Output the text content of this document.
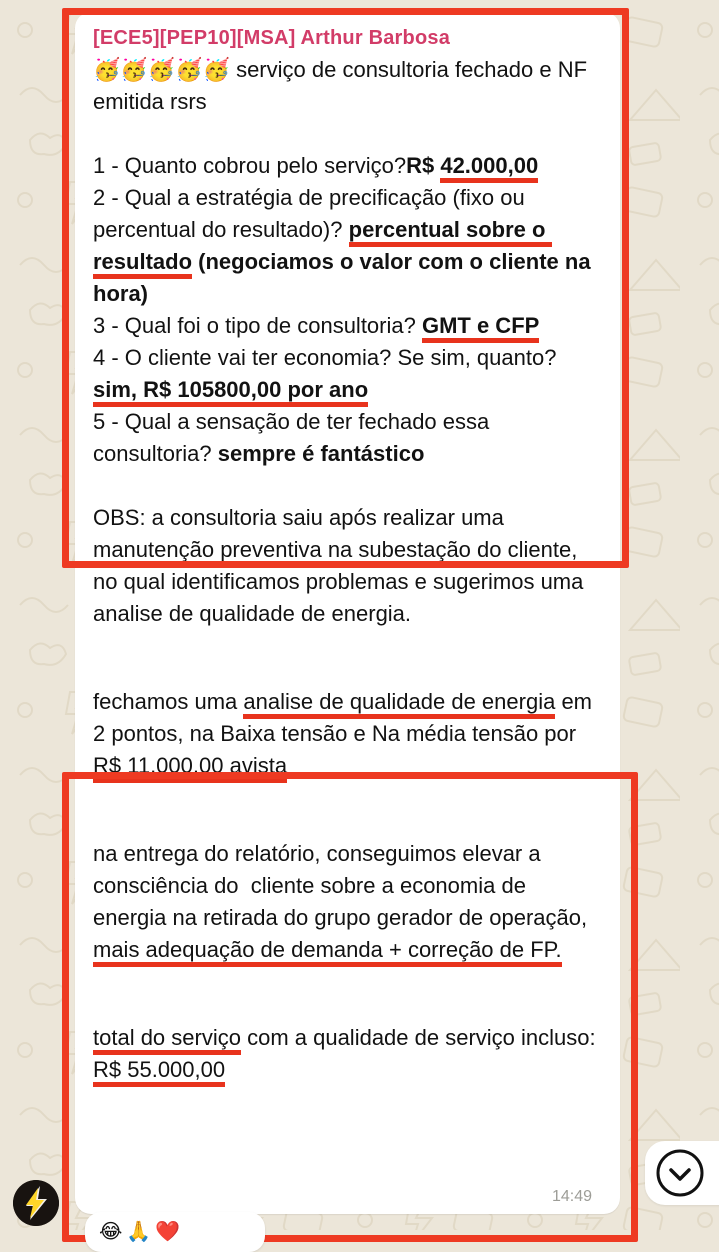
[ECE5][PEP10][MSA] Arthur Barbosa

🥳🥳🥳🥳🥳 serviço de consultoria fechado e NF emitida rsrs

1 - Quanto cobrou pelo serviço?R$ 42.000,00

2 - Qual a estratégia de precificação (fixo ou percentual do resultado)? percentual sobre o resultado (negociamos o valor com o cliente na hora)

3 - Qual foi o tipo de consultoria? GMT e CFP

4 - O cliente vai ter economia? Se sim, quanto? sim, R$ 105800,00 por ano

5 - Qual a sensação de ter fechado essa consultoria? sempre é fantástico

OBS: a consultoria saiu após realizar uma manutenção preventiva na subestação do cliente, no qual identificamos problemas e sugerimos uma analise de qualidade de energia.

fechamos uma analise de qualidade de energia em 2 pontos, na Baixa tensão e Na média tensão por R$ 11.000,00 avista

na entrega do relatório, conseguimos elevar a consciência do  cliente sobre a economia de energia na retirada do grupo gerador de operação, mais adequação de demanda + correção de FP.

total do serviço com a qualidade de serviço incluso: R$ 55.000,00

14:49
😂🙏❤️
